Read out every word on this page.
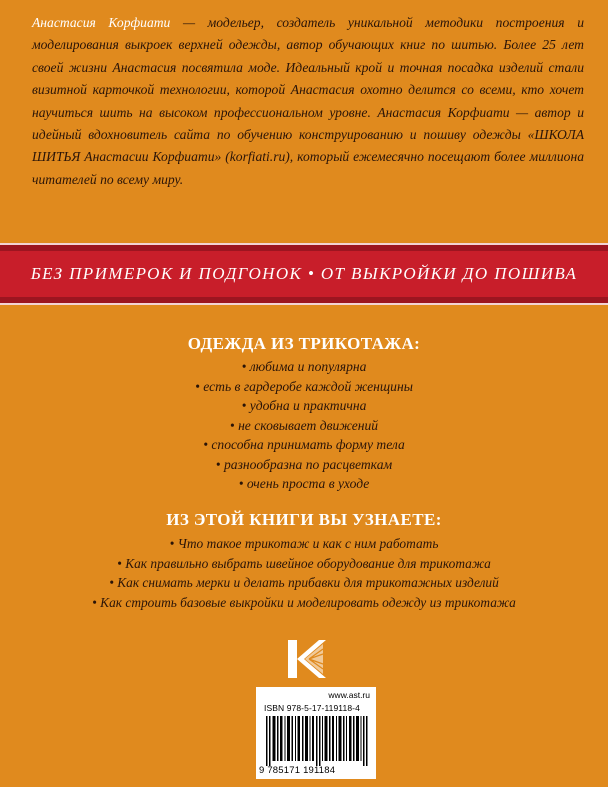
Анастасия Корфиати — модельер, создатель уникальной методики построения и моделирования выкроек верхней одежды, автор обучающих книг по шитью. Более 25 лет своей жизни Анастасия посвятила моде. Идеальный крой и точная посадка изделий стали визитной карточкой технологии, которой Анастасия охотно делится со всеми, кто хочет научиться шить на высоком профессиональном уровне. Анастасия Корфиати — автор и идейный вдохновитель сайта по обучению конструированию и пошиву одежды «ШКОЛА ШИТЬЯ Анастасии Корфиати» (korfiati.ru), который ежемесячно посещают более миллиона читателей по всему миру.
БЕЗ ПРИМЕРОК И ПОДГОНОК • ОТ ВЫКРОЙКИ ДО ПОШИВА
ОДЕЖДА ИЗ ТРИКОТАЖА:
• любима и популярна
• есть в гардеробе каждой женщины
• удобна и практична
• не сковывает движений
• способна принимать форму тела
• разнообразна по расцветкам
• очень проста в уходе
ИЗ ЭТОЙ КНИГИ ВЫ УЗНАЕТЕ:
• Что такое трикотаж и как с ним работать
• Как правильно выбрать швейное оборудование для трикотажа
• Как снимать мерки и делать прибавки для трикотажных изделий
• Как строить базовые выкройки и моделировать одежду из трикотажа
www.ast.ru
ISBN 978-5-17-119118-4
9 785171 191184
